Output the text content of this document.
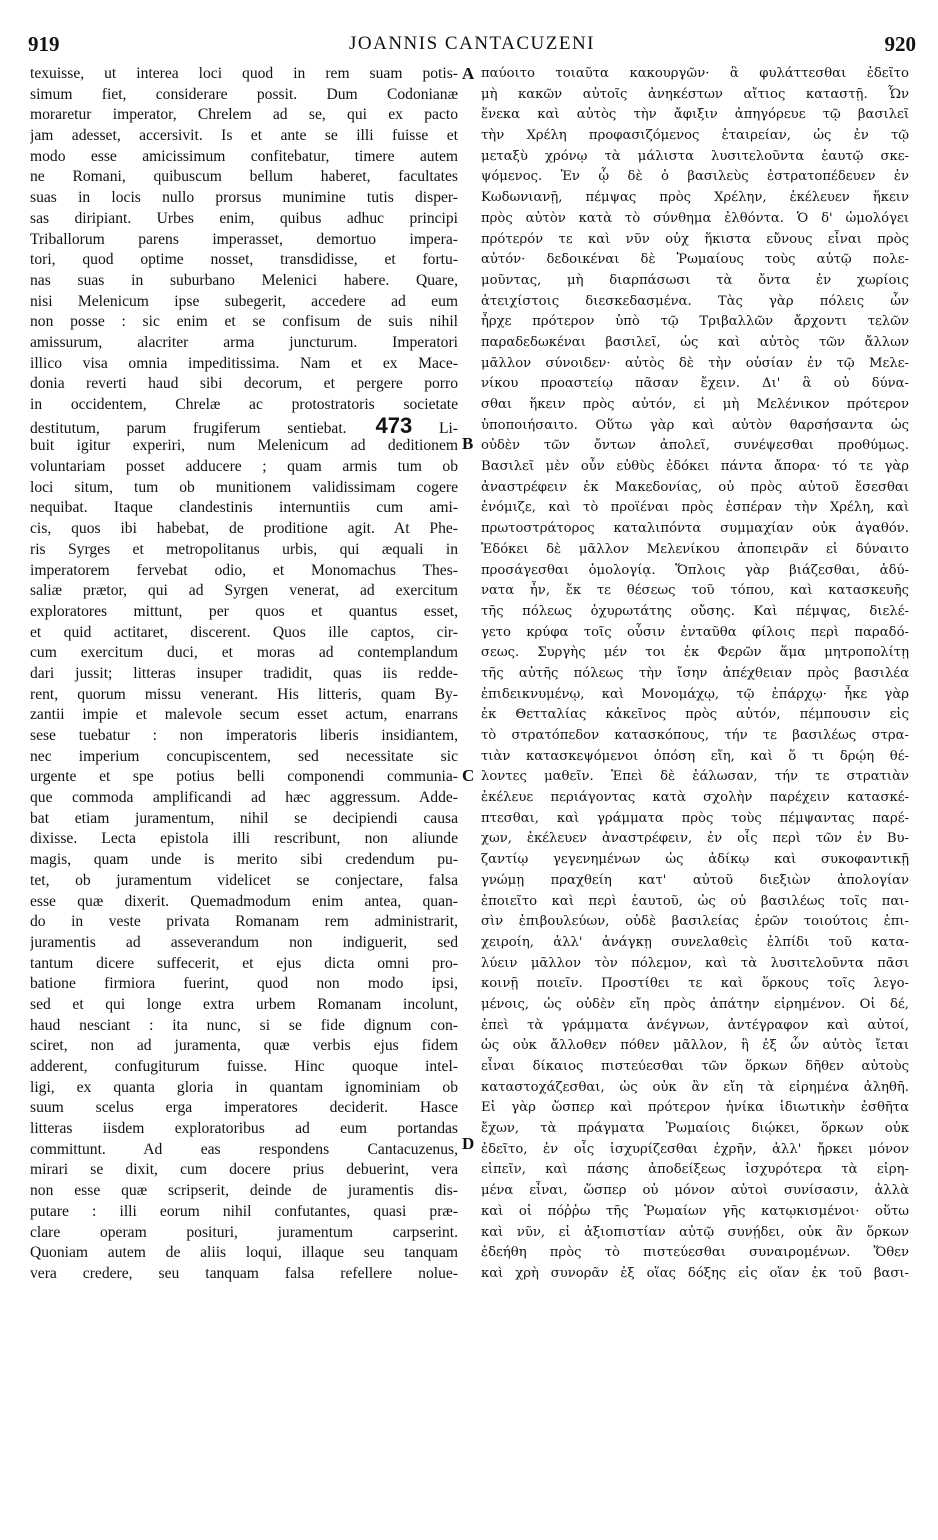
919	JOANNIS CANTACUZENI	920
texuisse, ut interea loci quod in rem suam potis-
simum fiet, considerare possit. Dum Codonianæ
moraretur imperator, Chrelem ad se, qui ex pacto
jam adesset, accersivit. Is et ante se illi fuisse et
modo esse amicissimum confitebatur, timere autem
ne Romani, quibuscum bellum haberet, facultates
suas in locis nullo prorsus munimine tutis disper-
sas diripiant. Urbes enim, quibus adhuc principi
Triballorum parens imperasset, demortuo impera-
tori, quod optime nosset, transdidisse, et fortu-
nas suas in suburbano Melenici habere. Quare,
nisi Melenicum ipse subegerit, accedere ad eum
non posse : sic enim et se confisum de suis nihil
amissurum, alacriter arma juncturum. Imperatori
illico visa omnia impeditissima. Nam et ex Mace-
donia reverti haud sibi decorum, et pergere porro
in occidentem, Chrelæ ac protostratoris societate
destitutum, parum frugiferum sentiebat. 473 Li-
buit igitur experiri, num Melenicum ad deditionem
voluntariam posset adducere ; quam armis tum ob
loci situm, tum ob munitionem validissimam cogere
nequibat. Itaque clandestinis internuntiis cum ami-
cis, quos ibi habebat, de proditione agit. At Phe-
ris Syrges et metropolitanus urbis, qui æquali in
imperatorem fervebat odio, et Monomachus Thes-
saliæ prætor, qui ad Syrgen venerat, ad exercitum
exploratores mittunt, per quos et quantus esset,
et quid actitaret, discerent. Quos ille captos, cir-
cum exercitum duci, et moras ad contemplandum
dari jussit; litteras insuper tradidit, quas iis redde-
rent, quorum missu venerant. His litteris, quam By-
zantii impie et malevole secum esset actum, enarrans
sese tuebatur : non imperatoris liberis insidiantem,
nec imperium concupiscentem, sed necessitate sic
urgente et spe potius belli componendi communia-
que commoda amplificandi ad hæc aggressum. Adde-
bat etiam juramentum, nihil se decipiendi causa
dixisse. Lecta epistola illi rescribunt, non aliunde
magis, quam unde is merito sibi credendum pu-
tet, ob juramentum videlicet se conjectare, falsa
esse quæ dixerit. Quemadmodum enim antea, quan-
do in veste privata Romanam rem administrarit,
juramentis ad asseverandum non indiguerit, sed
tantum dicere suffecerit, et ejus dicta omni pro-
batione firmiora fuerint, quod non modo ipsi,
sed et qui longe extra urbem Romanam incolunt,
haud nesciant : ita nunc, si se fide dignum con-
sciret, non ad juramenta, quæ verbis ejus fidem
adderent, confugiturum fuisse. Hinc quoque intel-
ligi, ex quanta gloria in quantam ignominiam ob
suum scelus erga imperatores deciderit. Hasce
litteras iisdem exploratoribus ad eum portandas
committunt. Ad eas respondens Cantacuzenus,
mirari se dixit, cum docere prius debuerint, vera
non esse quæ scripserit, deinde de juramentis dis-
putare : illi eorum nihil confutantes, quasi præ-
clare operam posituri, juramentum carpserint.
Quoniam autem de aliis loqui, illaque seu tanquam
vera credere, seu tanquam falsa refellere nolue-
A
B
C
D
παύοιτο τοιαῦτα κακουργῶν· ἃ φυλάττεσθαι ἐδεῖτο
μὴ κακῶν αὐτοῖς ἀνηκέστων αἴτιος καταστῇ. Ὧν
ἕνεκα καὶ αὐτὸς τὴν ἄφιξιν ἀπηγόρευε τῷ βασιλεῖ
τὴν Χρέλη προφασιζόμενος ἑταιρείαν, ὡς ἐν τῷ
μεταξὺ χρόνῳ τὰ μάλιστα λυσιτελοῦντα ἑαυτῷ σκε-
ψόμενος. Ἐν ᾧ δὲ ὁ βασιλεὺς ἐστρατοπέδευεν ἐν
Κωδωνιανῇ, πέμψας πρὸς Χρέλην, ἐκέλευεν ἥκειν
πρὸς αὐτὸν κατὰ τὸ σύνθημα ἐλθόντα. Ὁ δ' ὡμολόγει
πρότερόν τε καὶ νῦν οὐχ ἥκιστα εὔνους εἶναι πρὸς
αὐτόν· δεδοικέναι δὲ Ῥωμαίους τοὺς αὐτῷ πολε-
μοῦντας, μὴ διαρπάσωσι τὰ ὄντα ἐν χωρίοις
ἀτειχίστοις διεσκεδασμένα. Τὰς γὰρ πόλεις ὧν
ἦρχε πρότερον ὑπὸ τῷ Τριβαλλῶν ἄρχοντι τελῶν
παραδεδωκέναι βασιλεῖ, ὡς καὶ αὐτὸς τῶν ἄλλων
μᾶλλον σύνοιδεν· αὐτὸς δὲ τὴν οὐσίαν ἐν τῷ Μελε-
νίκου προαστείῳ πᾶσαν ἔχειν. Δι' ἃ οὐ δύνα-
σθαι ἥκειν πρὸς αὐτόν, εἰ μὴ Μελένικον πρότερον
ὑποποιήσαιτο. Οὕτω γὰρ καὶ αὐτὸν θαρσήσαντα ὡς
οὐδὲν τῶν ὄντων ἀπολεῖ, συνέψεσθαι προθύμως.
Βασιλεῖ μὲν οὖν εὐθὺς ἐδόκει πάντα ἄπορα· τό τε γὰρ
ἀναστρέφειν ἐκ Μακεδονίας, οὐ πρὸς αὐτοῦ ἔσεσθαι
ἐνόμιζε, καὶ τὸ προϊέναι πρὸς ἑσπέραν τὴν Χρέλη, καὶ
πρωτοστράτορος καταλιπόντα συμμαχίαν οὐκ ἀγαθόν.
Ἐδόκει δὲ μᾶλλον Μελενίκου ἀποπειρᾶν εἰ δύναιτο
προσάγεσθαι ὁμολογίᾳ. Ὅπλοις γὰρ βιάζεσθαι, ἀδύ-
νατα ἦν, ἔκ τε θέσεως τοῦ τόπου, καὶ κατασκευῆς
τῆς πόλεως ὀχυρωτάτης οὔσης. Καὶ πέμψας, διελέ-
γετο κρύφα τοῖς οὖσιν ἐνταῦθα φίλοις περὶ παραδό-
σεως. Συργὴς μέν τοι ἐκ Φερῶν ἅμα μητροπολίτῃ
τῆς αὐτῆς πόλεως τὴν ἴσην ἀπέχθειαν πρὸς βασιλέα
ἐπιδεικνυμένῳ, καὶ Μονομάχῳ, τῷ ἐπάρχῳ· ἧκε γὰρ
ἐκ Θετταλίας κἀκεῖνος πρὸς αὐτόν, πέμπουσιν εἰς
τὸ στρατόπεδον κατασκόπους, τήν τε βασιλέως στρα-
τιὰν κατασκεψόμενοι ὁπόση εἴη, καὶ ὅ τι δρῴη θέ-
λοντες μαθεῖν. Ἐπεὶ δὲ ἑάλωσαν, τήν τε στρατιὰν
ἐκέλευε περιάγοντας κατὰ σχολὴν παρέχειν κατασκέ-
πτεσθαι, καὶ γράμματα πρὸς τοὺς πέμψαντας παρέ-
χων, ἐκέλευεν ἀναστρέφειν, ἐν οἷς περὶ τῶν ἐν Βυ-
ζαντίῳ γεγενημένων ὡς ἀδίκῳ καὶ συκοφαντικῇ
γνώμῃ πραχθείη κατ' αὐτοῦ διεξιὼν ἀπολογίαν
ἐποιεῖτο καὶ περὶ ἑαυτοῦ, ὡς οὐ βασιλέως τοῖς παι-
σὶν ἐπιβουλεύων, οὐδὲ βασιλείας ἐρῶν τοιούτοις ἐπι-
χειροίη, ἀλλ' ἀνάγκῃ συνελαθεὶς ἐλπίδι τοῦ κατα-
λύειν μᾶλλον τὸν πόλεμον, καὶ τὰ λυσιτελοῦντα πᾶσι
κοινῇ ποιεῖν. Προστίθει τε καὶ ὅρκους τοῖς λεγο-
μένοις, ὡς οὐδὲν εἴη πρὸς ἀπάτην εἰρημένον. Οἱ δέ,
ἐπεὶ τὰ γράμματα ἀνέγνων, ἀντέγραφον καὶ αὐτοί,
ὡς οὐκ ἄλλοθεν πόθεν μᾶλλον, ἢ ἐξ ὧν αὐτὸς ἴεται
εἶναι δίκαιος πιστεύεσθαι τῶν ὅρκων δῆθεν αὐτοὺς
καταστοχάζεσθαι, ὡς οὐκ ἂν εἴη τὰ εἰρημένα ἀληθῆ.
Εἰ γὰρ ὥσπερ καὶ πρότερον ἡνίκα ἰδιωτικὴν ἐσθῆτα
ἔχων, τὰ πράγματα Ῥωμαίοις διῴκει, ὅρκων οὐκ
ἐδεῖτο, ἐν οἷς ἰσχυρίζεσθαι ἐχρῆν, ἀλλ' ἤρκει μόνον
εἰπεῖν, καὶ πάσης ἀποδείξεως ἰσχυρότερα τὰ εἰρη-
μένα εἶναι, ὥσπερ οὐ μόνον αὐτοὶ συνίσασιν, ἀλλὰ
καὶ οἱ πόῤῥω τῆς Ῥωμαίων γῆς κατῳκισμένοι· οὕτω
καὶ νῦν, εἰ ἀξιοπιστίαν αὐτῷ συνῄδει, οὐκ ἂν ὅρκων
ἐδεήθη πρὸς τὸ πιστεύεσθαι συναιρομένων. Ὅθεν
καὶ χρὴ συνορᾶν ἐξ οἵας δόξης εἰς οἵαν ἐκ τοῦ βασι-
